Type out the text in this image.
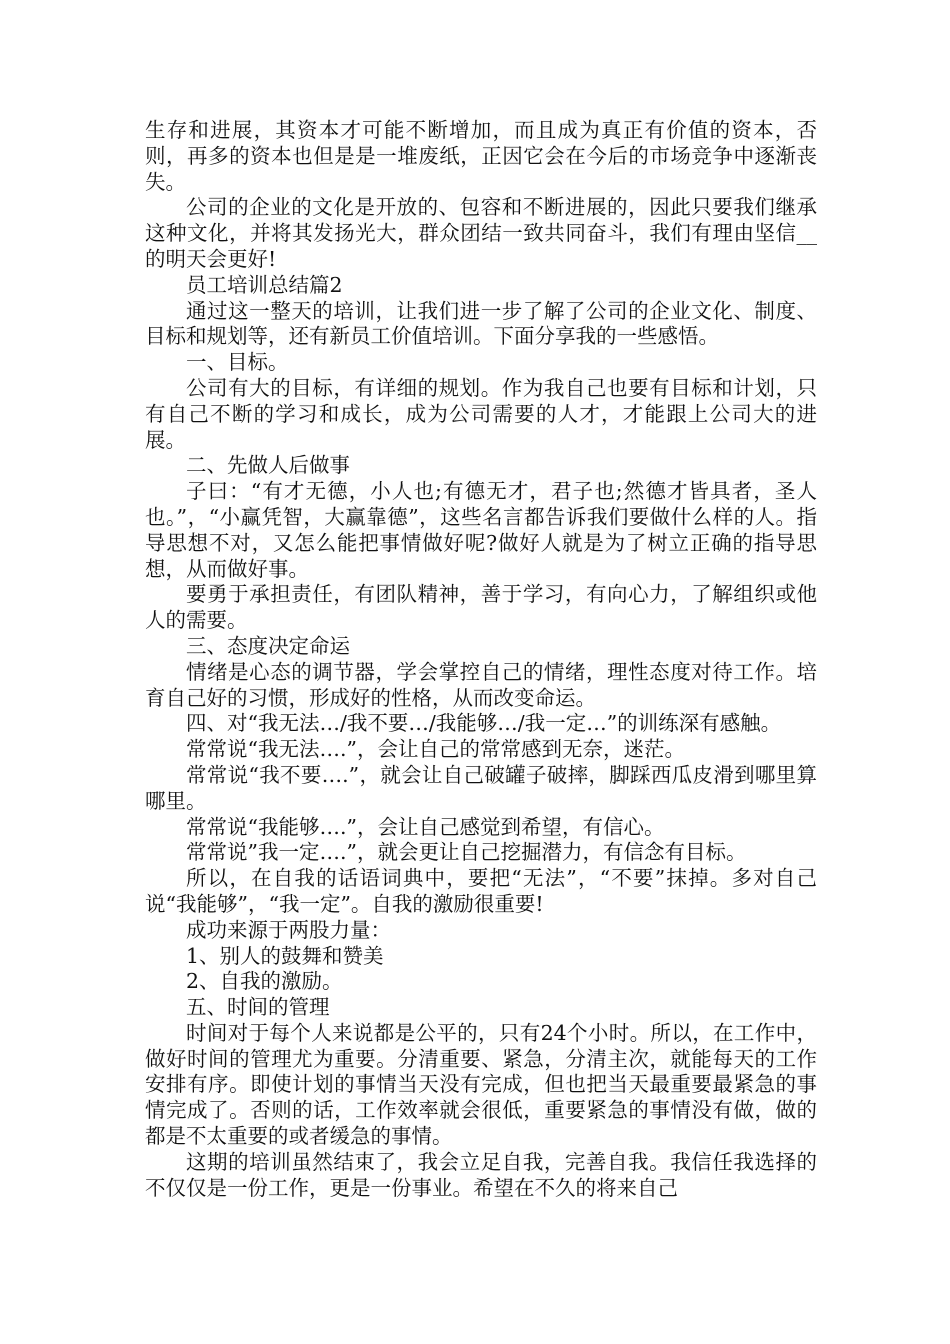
生存和进展，其资本才可能不断增加，而且成为真正有价值的资本，否则，再多的资本也但是是一堆废纸，正因它会在今后的市场竞争中逐渐丧失。

公司的企业的文化是开放的、包容和不断进展的，因此只要我们继承这种文化，并将其发扬光大，群众团结一致共同奋斗，我们有理由坚信__的明天会更好!

员工培训总结篇2

通过这一整天的培训，让我们进一步了解了公司的企业文化、制度、目标和规划等，还有新员工价值培训。下面分享我的一些感悟。

一、目标。

公司有大的目标，有详细的规划。作为我自己也要有目标和计划，只有自己不断的学习和成长，成为公司需要的人才，才能跟上公司大的进展。

二、先做人后做事

子曰：“有才无德，小人也;有德无才，君子也;然德才皆具者，圣人也。”，“小赢凭智，大赢靠德”，这些名言都告诉我们要做什么样的人。指导思想不对，又怎么能把事情做好呢?做好人就是为了树立正确的指导思想，从而做好事。

要勇于承担责任，有团队精神，善于学习，有向心力，了解组织或他人的需要。

三、态度决定命运

情绪是心态的调节器，学会掌控自己的情绪，理性态度对待工作。培育自己好的习惯，形成好的性格，从而改变命运。

四、对“我无法…/我不要…/我能够…/我一定…”的训练深有感触。

常常说“我无法….”，会让自己的常常感到无奈，迷茫。

常常说“我不要….”，就会让自己破罐子破摔，脚踩西瓜皮滑到哪里算哪里。

常常说“我能够….”，会让自己感觉到希望，有信心。

常常说”我一定….”，就会更让自己挖掘潜力，有信念有目标。

所以，在自我的话语词典中，要把“无法”，“不要”抹掉。多对自己说“我能够”，“我一定”。自我的激励很重要!

成功来源于两股力量：

1、别人的鼓舞和赞美

2、自我的激励。

五、时间的管理

时间对于每个人来说都是公平的，只有24个小时。所以，在工作中，做好时间的管理尤为重要。分清重要、紧急，分清主次，就能每天的工作安排有序。即使计划的事情当天没有完成，但也把当天最重要最紧急的事情完成了。否则的话，工作效率就会很低，重要紧急的事情没有做，做的都是不太重要的或者缓急的事情。

这期的培训虽然结束了，我会立足自我，完善自我。我信任我选择的不仅仅是一份工作，更是一份事业。希望在不久的将来自己
